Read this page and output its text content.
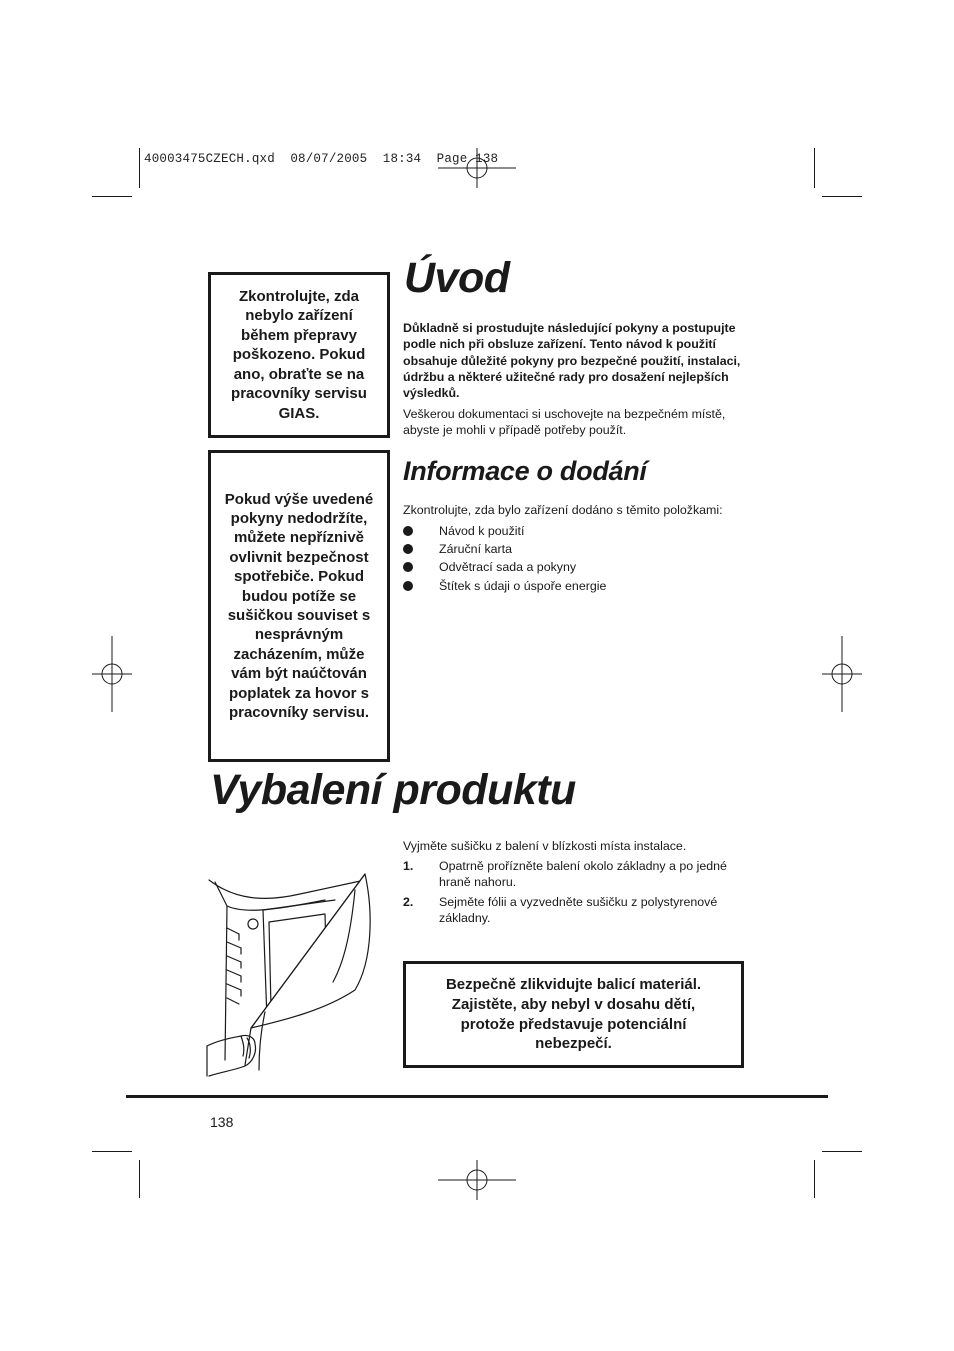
40003475CZECH.qxd  08/07/2005  18:34  Page 138

Zkontrolujte, zda nebylo zařízení během přepravy poškozeno. Pokud ano, obraťte se na pracovníky servisu GIAS.

Pokud výše uvedené pokyny nedodržíte, můžete nepříznivě ovlivnit bezpečnost spotřebiče. Pokud budou potíže se sušičkou souviset s nesprávným zacházením, může vám být naúčtován poplatek za hovor s pracovníky servisu.

Úvod

Důkladně si prostudujte následující pokyny a postupujte podle nich při obsluze zařízení. Tento návod k použití obsahuje důležité pokyny pro bezpečné použití, instalaci, údržbu a některé užitečné rady pro dosažení nejlepších výsledků.

Veškerou dokumentaci si uschovejte na bezpečném místě, abyste je mohli v případě potřeby použít.

Informace o dodání

Zkontrolujte, zda bylo zařízení dodáno s těmito položkami:

Návod k použití
Záruční karta
Odvětrací sada a pokyny
Štítek s údaji o úspoře energie
Vybalení produktu

Vyjměte sušičku z balení v blízkosti místa instalace.

1. Opatrně prořízněte balení okolo základny a po jedné hraně nahoru.
2. Sejměte fólii a vyzvedněte sušičku z polystyrenové základny.

Bezpečně zlikvidujte balicí materiál. Zajistěte, aby nebyl v dosahu dětí, protože představuje potenciální nebezpečí.

138
